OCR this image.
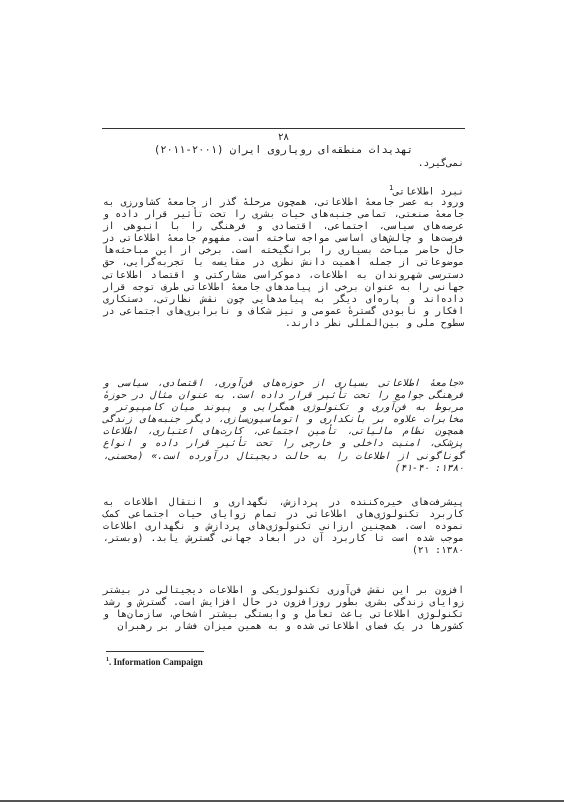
۲۸
تهدیدات منطقه‌ای رویاروی ایران (۲۰۰۱-۲۰۱۱)

نمی‌گیرد.

نبرد اطلاعاتی$^1$

ورود به عصر جامعهٔ اطلاعاتی، همچون مرحلهٔ گذر از جامعهٔ کشاورزی به جامعهٔ صنعتی، تمامی جنبه‌های حیات بشری را تحت تأثیر قرار داده و عرصه‌های سیاسی، اجتماعی، اقتصادی و فرهنگی را با انبوهی از فرصت‌ها و چالش‌های اساسی مواجه ساخته است. مفهوم جامعهٔ اطلاعاتی در حال حاضر مباحث بسیاری را برانگیخته است. برخی از این مباحثه‌ها موضوعاتی از جمله اهمیت دانش نظری در مقایسه با تجربه‌گرایی، حق دسترسی شهروندان به اطلاعات، دموکراسی مشارکتی و اقتصاد اطلاعاتی جهانی را به عنوان برخی از پیامدهای جامعهٔ اطلاعاتی طرف توجه قرار داده‌اند و پاره‌ای دیگر به پیامدهایی چون نقش نظارتی، دستکاری افکار و نابودی گسترهٔ عمومی و نیز شکاف و نابرابری‌های اجتماعی در سطوح ملی و بین‌المللی نظر دارند.

«جامعهٔ اطلاعاتی بسیاری از حوزه‌های فن‌آوری، اقتصادی، سیاسی و فرهنگی جوامع را تحت تأثیر قرار داده است. به عنوان مثال در حوزهٔ مربوط به فن‌آوری و تکنولوژی همگرایی و پیوند میان کامپیوتر و مخابرات علاوه بر بانکداری و اتوماسیون‌سازی، دیگر جنبه‌های زندگی همچون نظام مالیاتی، تأمین اجتماعی، کارت‌های اعتباری، اطلاعات پزشکی، امنیت داخلی و خارجی را تحت تأثیر قرار داده و انواع گوناگونی از اطلاعات را به حالت دیجیتال درآورده است.» (محسنی، ۱۳۸۰: ۴۰-۴۱)

پیشرفت‌های خیره‌کننده در پردازش، نگهداری و انتقال اطلاعات به کاربرد تکنولوژی‌های اطلاعاتی در تمام زوایای حیات اجتماعی کمک نموده است. همچنین ارزانی تکنولوژی‌های پردازش و نگهداری اطلاعات موجب شده است تا کاربرد آن در ابعاد جهانی گسترش یابد. (وبستر، ۱۳۸۰: ۲۱)

افزون بر این نقش فن‌آوری تکنولوژیکی و اطلاعات دیجیتالی در بیشتر زوایای زندگی بشری بطور روزافزون در حال افزایش است. گسترش و رشد تکنولوژی اطلاعاتی باعث تعامل و وابستگی بیشتر اشخاص، سازمان‌ها و کشورها در یک فضای اطلاعاتی شده و به همین میزان فشار بر رهبران

$^1$. Information Campaign
